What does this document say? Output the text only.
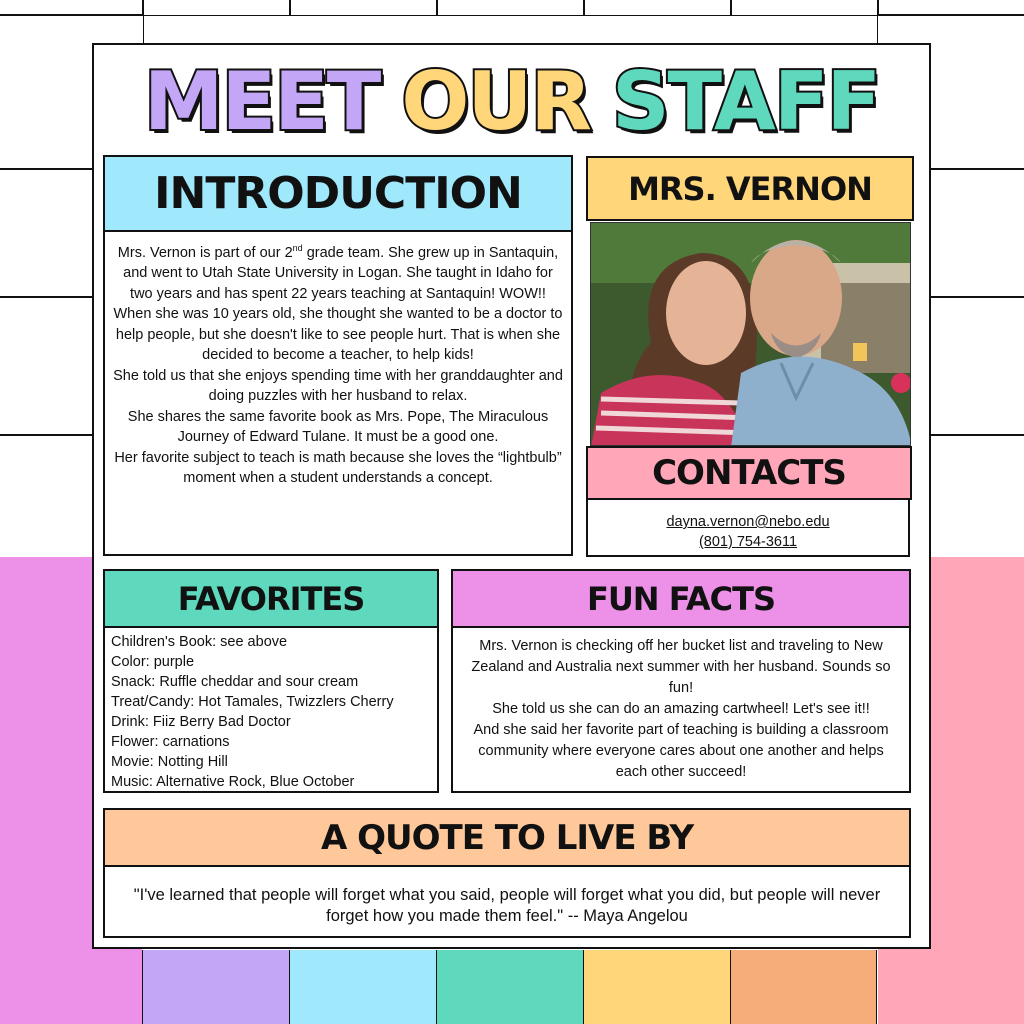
MEET OUR STAFF
INTRODUCTION
Mrs. Vernon is part of our 2nd grade team. She grew up in Santaquin, and went to Utah State University in Logan. She taught in Idaho for two years and has spent 22 years teaching at Santaquin! WOW!!
When she was 10 years old, she thought she wanted to be a doctor to help people, but she doesn't like to see people hurt. That is when she decided to become a teacher, to help kids!
She told us that she enjoys spending time with her granddaughter and doing puzzles with her husband to relax.
She shares the same favorite book as Mrs. Pope, The Miraculous Journey of Edward Tulane. It must be a good one.
Her favorite subject to teach is math because she loves the “lightbulb” moment when a student understands a concept.
MRS. VERNON
CONTACTS
dayna.vernon@nebo.edu
(801) 754-3611
FAVORITES
Children's Book: see above
Color: purple
Snack: Ruffle cheddar and sour cream
Treat/Candy: Hot Tamales, Twizzlers Cherry
Drink: Fiiz Berry Bad Doctor
Flower: carnations
Movie: Notting Hill
Music: Alternative Rock, Blue October
FUN FACTS
Mrs. Vernon is checking off her bucket list and traveling to New Zealand and Australia next summer with her husband. Sounds so fun!
She told us she can do an amazing cartwheel! Let's see it!!
And she said her favorite part of teaching is building a classroom community where everyone cares about one another and helps each other succeed!
A QUOTE TO LIVE BY
"I've learned that people will forget what you said, people will forget what you did, but people will never forget how you made them feel." -- Maya Angelou
